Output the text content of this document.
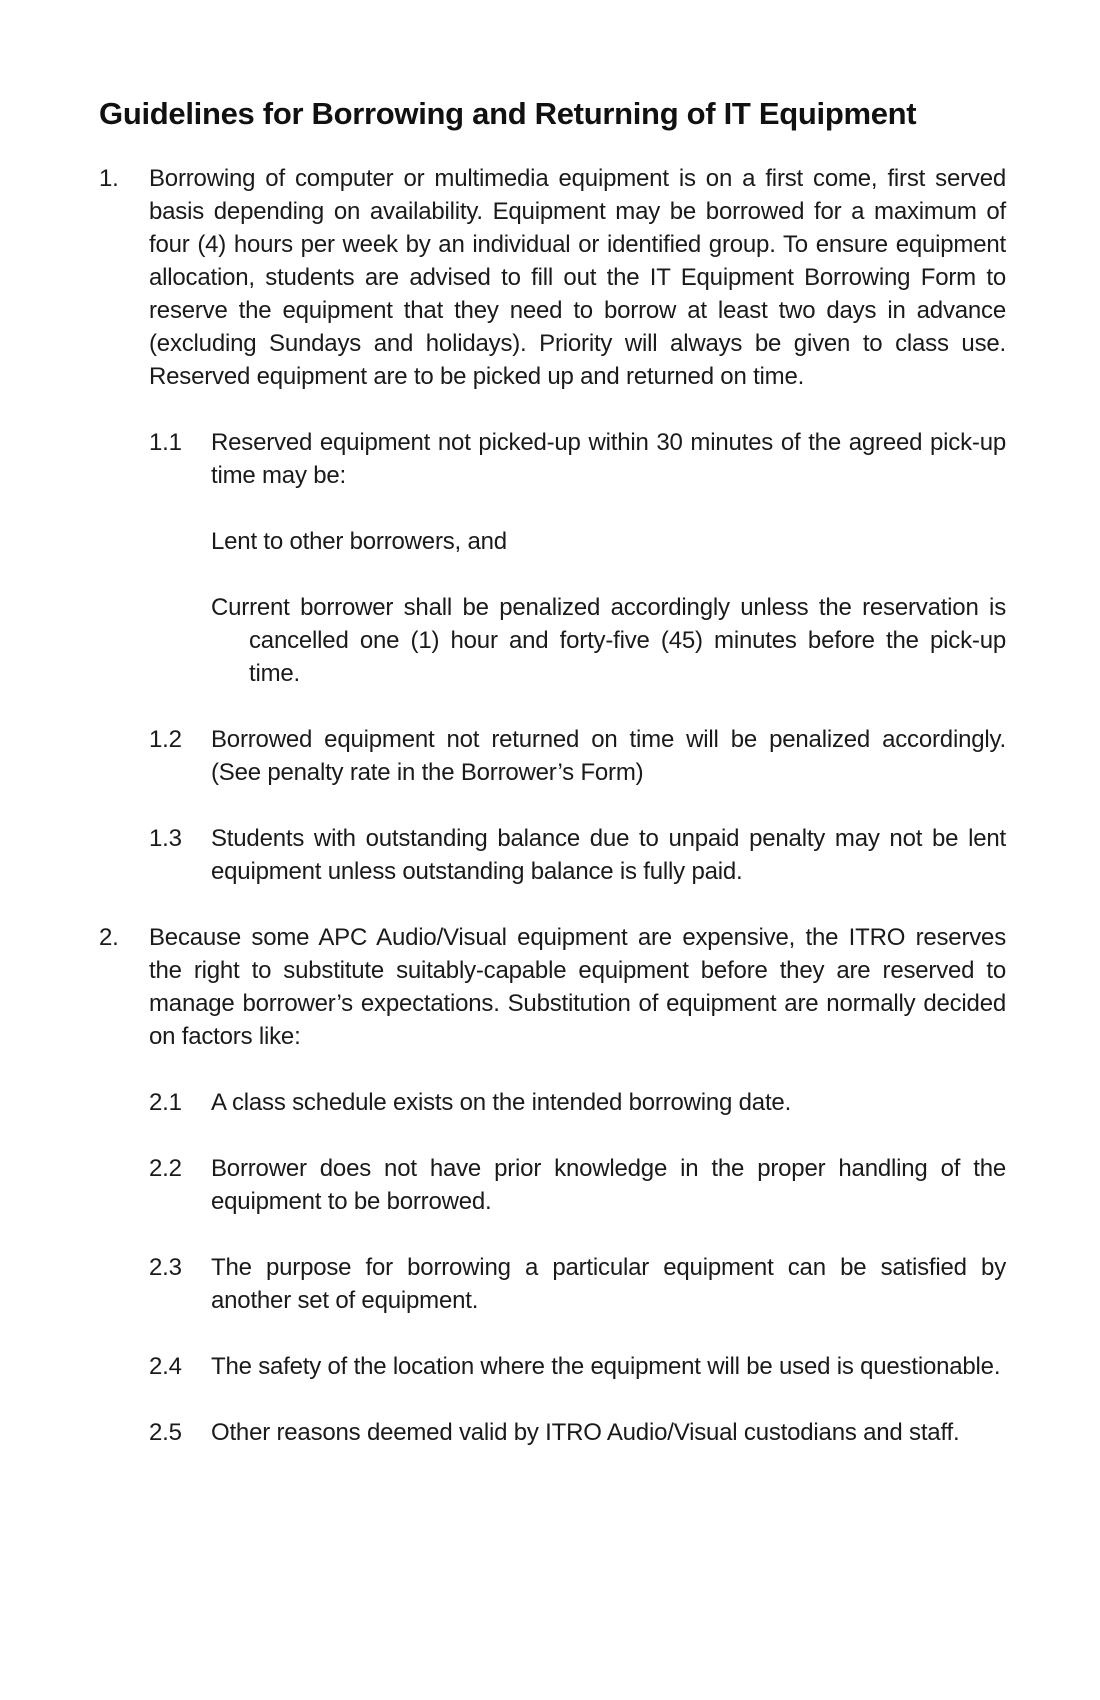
Guidelines for Borrowing and Returning of IT Equipment
1.	Borrowing of computer or multimedia equipment is on a first come, first served basis depending on availability. Equipment may be borrowed for a maximum of four (4) hours per week by an individual or identified group. To ensure equipment allocation, students are advised to fill out the IT Equipment Borrowing Form to reserve the equipment that they need to borrow at least two days in advance (excluding Sundays and holidays). Priority will always be given to class use. Reserved equipment are to be picked up and returned on time.

1.1	Reserved equipment not picked-up within 30 minutes of the agreed pick-up time may be:
Lent to other borrowers, and
Current borrower shall be penalized accordingly unless the reservation is cancelled one (1) hour and forty-five (45) minutes before the pick-up time.
1.2	Borrowed equipment not returned on time will be penalized accordingly. (See penalty rate in the Borrower’s Form)
1.3	Students with outstanding balance due to unpaid penalty may not be lent equipment unless outstanding balance is fully paid.
2.	Because some APC Audio/Visual equipment are expensive, the ITRO reserves the right to substitute suitably-capable equipment before they are reserved to manage borrower’s expectations. Substitution of equipment are normally decided on factors like:

2.1	A class schedule exists on the intended borrowing date.
2.2	Borrower does not have prior knowledge in the proper handling of the equipment to be borrowed.
2.3	The purpose for borrowing a particular equipment can be satisfied by another set of equipment.
2.4	The safety of the location where the equipment will be used is questionable.
2.5	Other reasons deemed valid by ITRO Audio/Visual custodians and staff.
